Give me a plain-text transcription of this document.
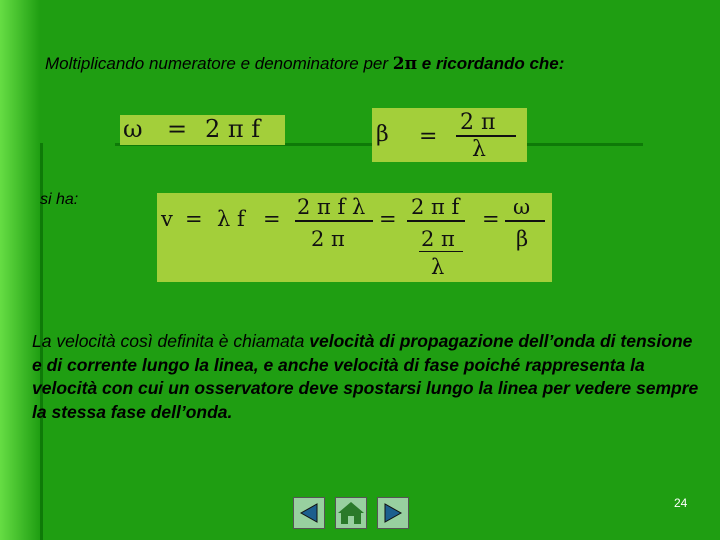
Moltiplicando numeratore e denominatore per 2π e ricordando che:
ω = 2 π f	β =
2 π
λ
si ha:
v = λ f = 2 π f λ
2 π
= 2 π f
2 π
λ
= ω
β
La velocità così definita è chiamata velocità di propagazione dell’onda di tensione e di corrente lungo la linea, e anche velocità di fase poiché rappresenta la velocità con cui un osservatore deve spostarsi lungo la linea per vedere sempre la stessa fase dell’onda.
24
